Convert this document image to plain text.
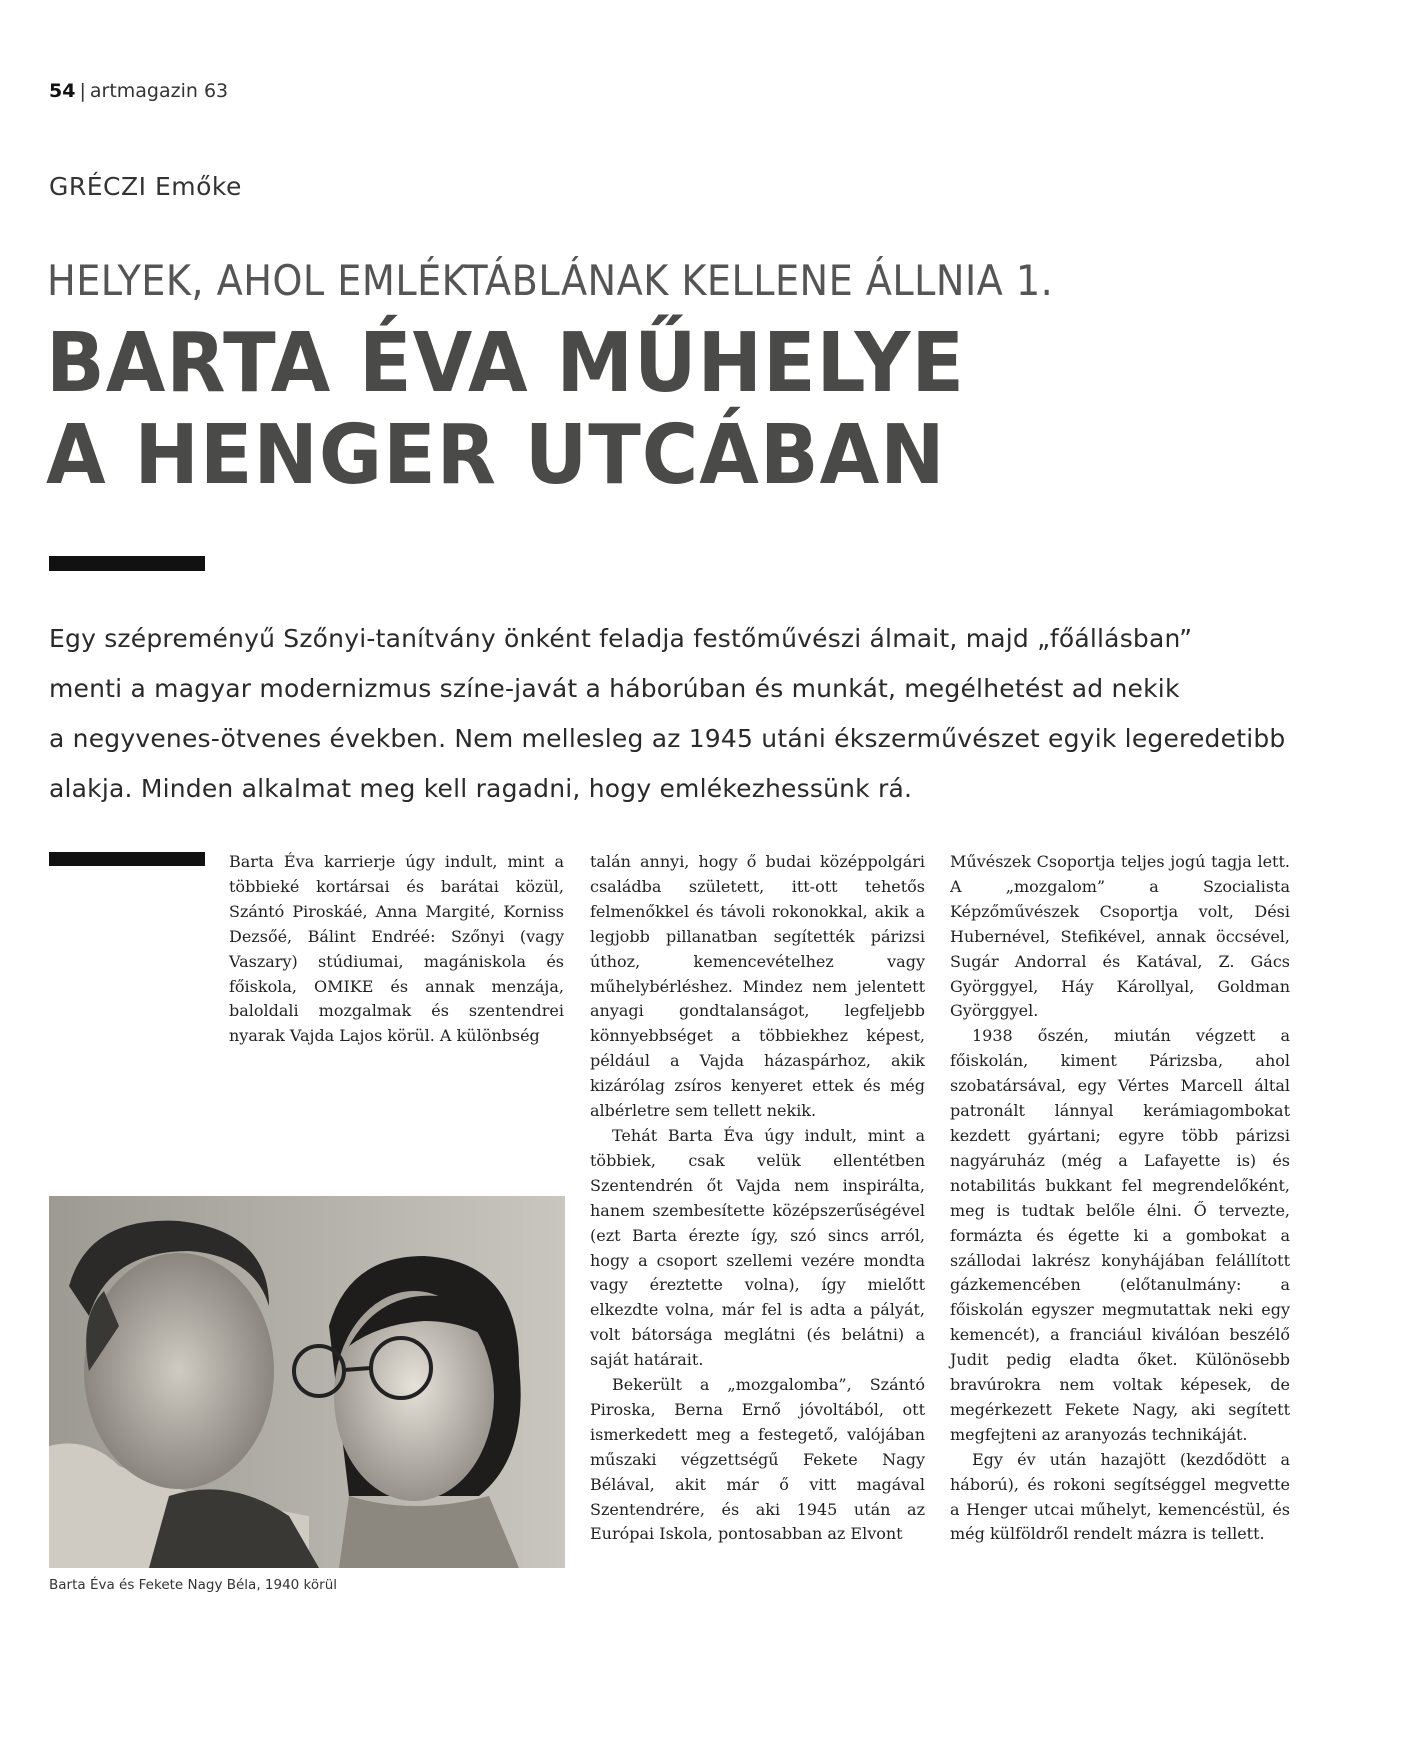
54 | artmagazin 63
GRÉCZI Emőke
HELYEK, AHOL EMLÉKTÁBLÁNAK KELLENE ÁLLNIA 1.
BARTA ÉVA MŰHELYE
A HENGER UTCÁBAN
Egy szépreményű Szőnyi-tanítvány önként feladja festőművészi álmait, majd „főállásban”
menti a magyar modernizmus színe-javát a háborúban és munkát, megélhetést ad nekik
a negyvenes-ötvenes években. Nem mellesleg az 1945 utáni ékszerművészet egyik legeredetibb
alakja. Minden alkalmat meg kell ragadni, hogy emlékezhessünk rá.

Barta Éva karrierje úgy indult, mint a többieké kortársai és barátai közül, Szántó Piroskáé, Anna Margité, Korniss Dezsőé, Bálint Endréé: Szőnyi (vagy Vaszary) stúdiumai, magániskola és főiskola, OMIKE és annak menzája, baloldali mozgalmak és szentendrei nyarak Vajda Lajos körül. A különbség

talán annyi, hogy ő budai középpolgári családba született, itt-ott tehetős felmenőkkel és távoli rokonokkal, akik a legjobb pillanatban segítették párizsi úthoz, kemencevételhez vagy műhelybérléshez. Mindez nem jelentett anyagi gondtalanságot, legfeljebb könnyebbséget a többiekhez képest, például a Vajda házaspárhoz, akik kizárólag zsíros kenyeret ettek és még albérletre sem tellett nekik.

Tehát Barta Éva úgy indult, mint a többiek, csak velük ellentétben Szentendrén őt Vajda nem inspirálta, hanem szembesítette középszerűségével (ezt Barta érezte így, szó sincs arról, hogy a csoport szellemi vezére mondta vagy éreztette volna), így mielőtt elkezdte volna, már fel is adta a pályát, volt bátorsága meglátni (és belátni) a saját határait.

Bekerült a „mozgalomba”, Szántó Piroska, Berna Ernő jóvoltából, ott ismerkedett meg a festegető, valójában műszaki végzettségű Fekete Nagy Bélával, akit már ő vitt magával Szentendrére, és aki 1945 után az Európai Iskola, pontosabban az Elvont

Művészek Csoportja teljes jogú tagja lett. A „mozgalom” a Szocialista Képzőművészek Csoportja volt, Dési Hubernével, Stefikével, annak öccsével, Sugár Andorral és Katával, Z. Gács Györggyel, Háy Károllyal, Goldman Györggyel.

1938 őszén, miután végzett a főiskolán, kiment Párizsba, ahol szobatársával, egy Vértes Marcell által patronált lánnyal kerámiagombokat kezdett gyártani; egyre több párizsi nagyáruház (még a Lafayette is) és notabilitás bukkant fel megrendelőként, meg is tudtak belőle élni. Ő tervezte, formázta és égette ki a gombokat a szállodai lakrész konyhájában felállított gázkemencében (előtanulmány: a főiskolán egyszer megmutattak neki egy kemencét), a franciául kiválóan beszélő Judit pedig eladta őket. Különösebb bravúrokra nem voltak képesek, de megérkezett Fekete Nagy, aki segített megfejteni az aranyozás technikáját.

Egy év után hazajött (kezdődött a háború), és rokoni segítséggel megvette a Henger utcai műhelyt, kemencéstül, és még külföldről rendelt mázra is tellett.

Barta Éva és Fekete Nagy Béla, 1940 körül
